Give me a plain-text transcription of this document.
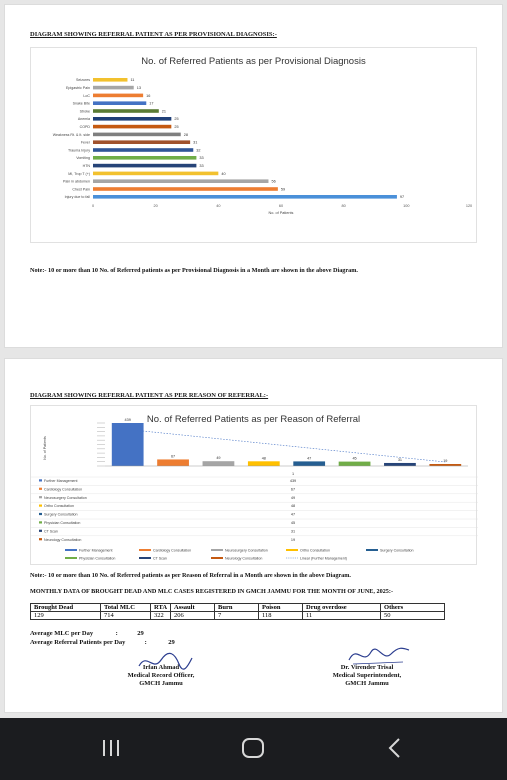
DIAGRAM SHOWING REFERRAL PATIENT AS PER PROVISIONAL DIAGNOSIS:-
No. of Referred Patients as per Provisional Diagnosis
Seizures	11
Epigastric Pain	13
LoC	16
Snake Bite	17
Stroke	21
Anemia	25
COPD	25
Weakness Rt. & It. side	28
Fever	31
Trauma Injury	32
Vomiting	33
HTN	33
MI, Trop T (+)	40
Pain in abdomen	56
Chest Pain	59
Injury due to fall	97
0	20	40	60	80	100	120
No. of Patients
Note:- 10 or more than 10 No. of Referred patients as per Provisional Diagnosis in a Month are shown in the above Diagram.
DIAGRAM SHOWING REFERRAL PATIENT AS PER REASON OF REFERRAL:-
No. of Referred Patients as per Reason of Referral
No. of Patients
439
67	49	48	47	45	31	19
1
Further Management	439
Cardiology Consultation	67
Neurosurgery Consultation	49
Ortho Consultation	48
Surgery Consultation	47
Physician Consultation	45
CT Scan	31
Neurology Consultation	19
Further Management	Cardiology Consultation	Neurosurgery Consultation	Ortho Consultation	Surgery Consultation
Physician Consultation	CT Scan	Neurology Consultation	Linear (Further Management)
Note:- 10 or more than 10 No. of Referred patients as per Reason of Referral in a Month are shown in the above Diagram.
MONTHLY DATA OF BROUGHT DEAD AND MLC CASES REGISTERED IN GMCH JAMMU FOR THE MONTH OF JUNE, 2025:-
Brought Dead	Total MLC	RTA	Assault	Burn	Poison	Drug overdose	Others
129	714	322	206	7	118	11	50
Average MLC per Day	:	29
Average Referral Patients per Day	:	29
Irfan Ahmad
Medical Record Officer,
GMCH Jammu
Dr. Virender Trisal
Medical Superintendent,
GMCH Jammu
